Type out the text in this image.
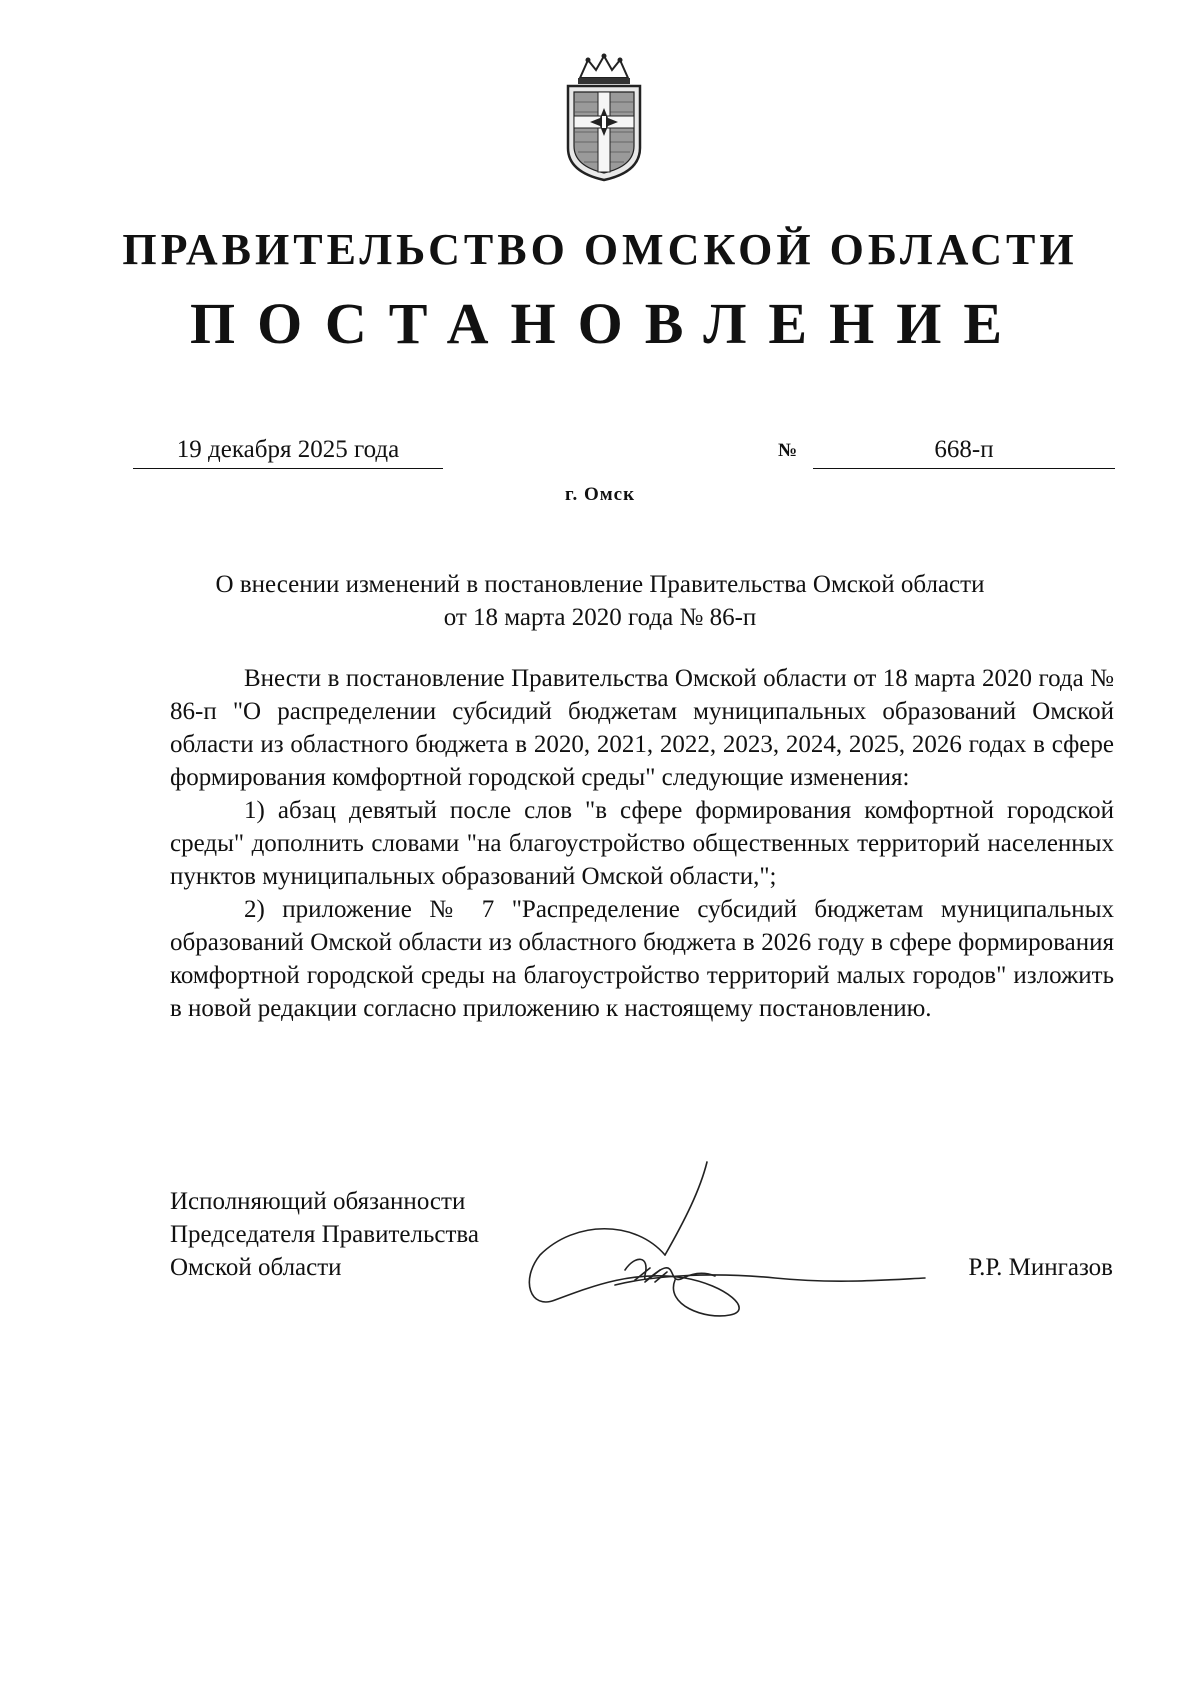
ПРАВИТЕЛЬСТВО ОМСКОЙ ОБЛАСТИ
ПОСТАНОВЛЕНИЕ
19 декабря 2025 года	№	668-п
г. Омск
О внесении изменений в постановление Правительства Омской области
от 18 марта 2020 года № 86-п

Внести в постановление Правительства Омской области от 18 марта 2020 года № 86-п "О распределении субсидий бюджетам муниципальных образований Омской области из областного бюджета в 2020, 2021, 2022, 2023, 2024, 2025, 2026 годах в сфере формирования комфортной городской среды" следующие изменения:

1) абзац девятый после слов "в сфере формирования комфортной городской среды" дополнить словами "на благоустройство общественных территорий населенных пунктов муниципальных образований Омской области,";

2) приложение № 7 "Распределение субсидий бюджетам муниципальных образований Омской области из областного бюджета в 2026 году в сфере формирования комфортной городской среды на благоустройство территорий малых городов" изложить в новой редакции согласно приложению к настоящему постановлению.

Исполняющий обязанности
Председателя Правительства
Омской области	Р.Р. Мингазов
